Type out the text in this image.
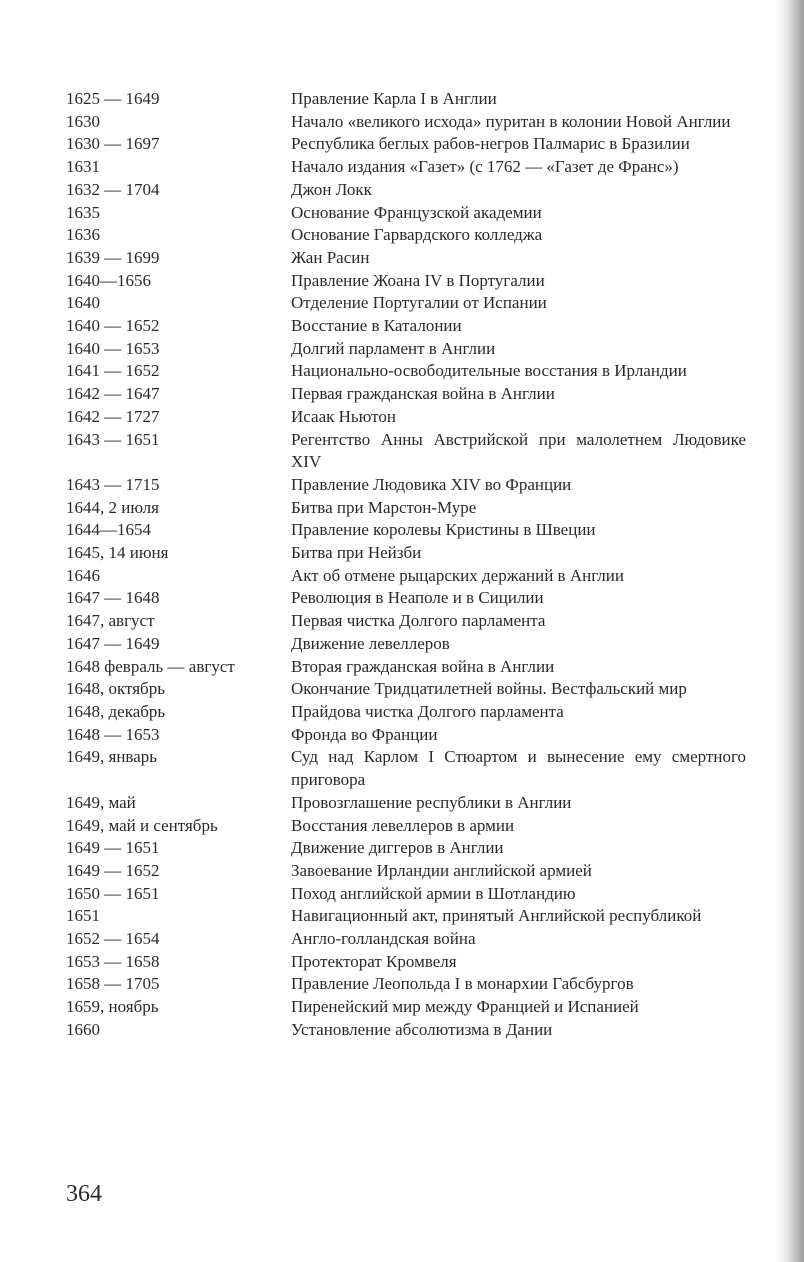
1625 — 1649	Правление Карла I в Англии
1630	Начало «великого исхода» пуритан в колонии Новой Англии
1630 — 1697	Республика беглых рабов-негров Палмарис в Бразилии
1631	Начало издания «Газет» (с 1762 — «Газет де Франс»)
1632 — 1704	Джон Локк
1635	Основание Французской академии
1636	Основание Гарвардского колледжа
1639 — 1699	Жан Расин
1640—1656	Правление Жоана IV в Португалии
1640	Отделение Португалии от Испании
1640 — 1652	Восстание в Каталонии
1640 — 1653	Долгий парламент в Англии
1641 — 1652	Национально-освободительные восстания в Ирландии
1642 — 1647	Первая гражданская война в Англии
1642 — 1727	Исаак Ньютон
1643 — 1651	Регентство Анны Австрийской при малолетнем Людовике XIV
1643 — 1715	Правление Людовика XIV во Франции
1644, 2 июля	Битва при Марстон-Муре
1644—1654	Правление королевы Кристины в Швеции
1645, 14 июня	Битва при Нейзби
1646	Акт об отмене рыцарских держаний в Англии
1647 — 1648	Революция в Неаполе и в Сицилии
1647, август	Первая чистка Долгого парламента
1647 — 1649	Движение левеллеров
1648 февраль — август	Вторая гражданская война в Англии
1648, октябрь	Окончание Тридцатилетней войны. Вестфальский мир
1648, декабрь	Прайдова чистка Долгого парламента
1648 — 1653	Фронда во Франции
1649, январь	Суд над Карлом I Стюартом и вынесение ему смертного приговора
1649, май	Провозглашение республики в Англии
1649, май и сентябрь	Восстания левеллеров в армии
1649 — 1651	Движение диггеров в Англии
1649 — 1652	Завоевание Ирландии английской армией
1650 — 1651	Поход английской армии в Шотландию
1651	Навигационный акт, принятый Английской республикой
1652 — 1654	Англо-голландская война
1653 — 1658	Протекторат Кромвеля
1658 — 1705	Правление Леопольда I в монархии Габсбургов
1659, ноябрь	Пиренейский мир между Францией и Испанией
1660	Установление абсолютизма в Дании
364
